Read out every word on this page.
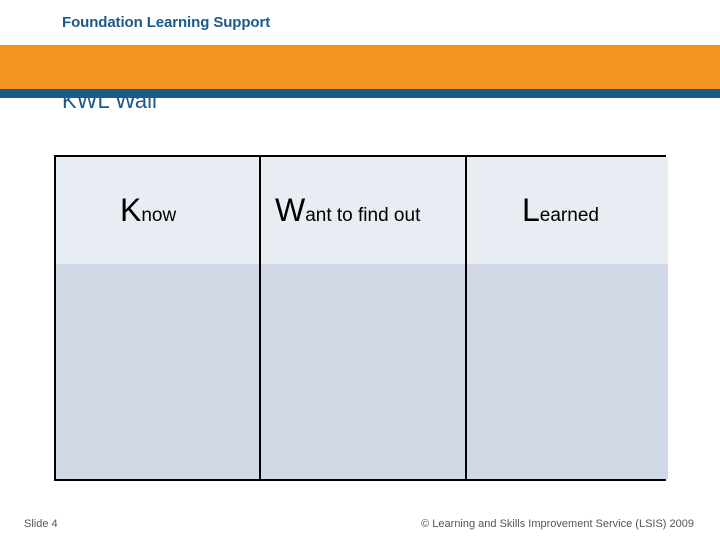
Foundation Learning Support
KWL Wall
Know	Want to find out	Learned
Slide 4	© Learning and Skills Improvement Service (LSIS) 2009
